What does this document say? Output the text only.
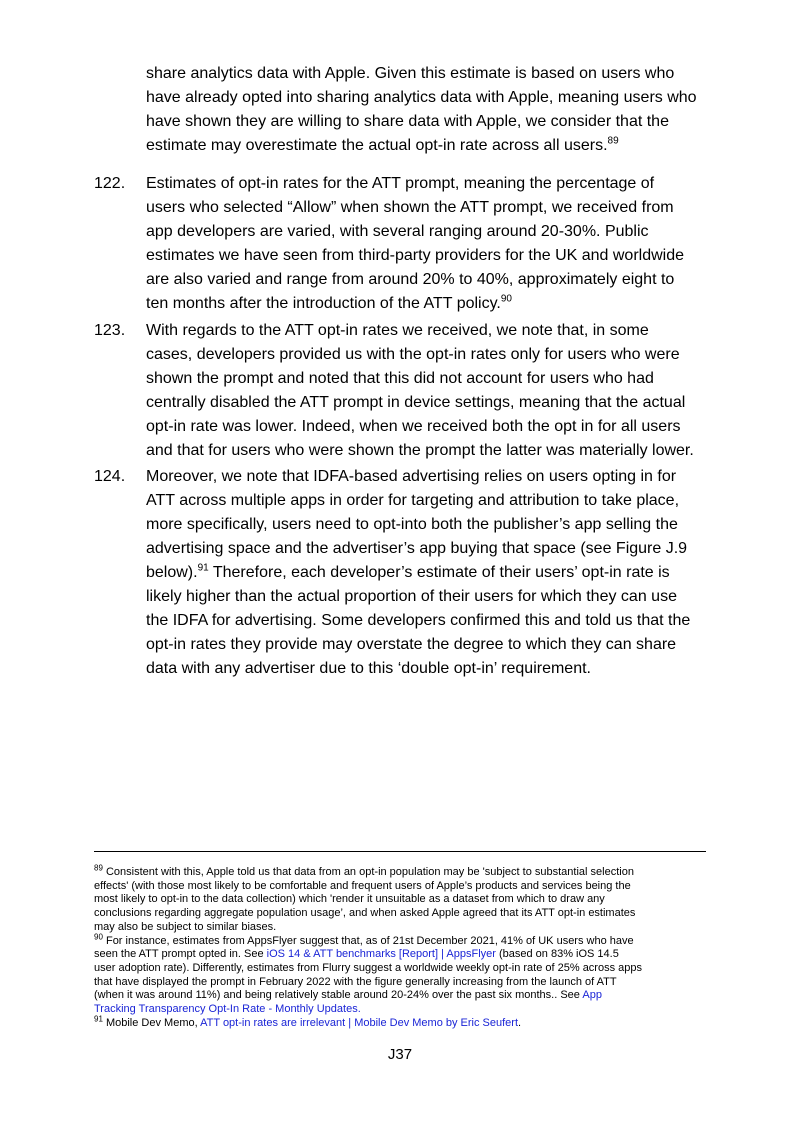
share analytics data with Apple. Given this estimate is based on users who
have already opted into sharing analytics data with Apple, meaning users who
have shown they are willing to share data with Apple, we consider that the
estimate may overestimate the actual opt-in rate across all users.$^{89}$
122. Estimates of opt-in rates for the ATT prompt, meaning the percentage of
users who selected “Allow” when shown the ATT prompt, we received from
app developers are varied, with several ranging around 20-30%. Public
estimates we have seen from third-party providers for the UK and worldwide
are also varied and range from around 20% to 40%, approximately eight to
ten months after the introduction of the ATT policy.$^{90}$
123. With regards to the ATT opt-in rates we received, we note that, in some
cases, developers provided us with the opt-in rates only for users who were
shown the prompt and noted that this did not account for users who had
centrally disabled the ATT prompt in device settings, meaning that the actual
opt-in rate was lower. Indeed, when we received both the opt in for all users
and that for users who were shown the prompt the latter was materially lower.
124. Moreover, we note that IDFA-based advertising relies on users opting in for
ATT across multiple apps in order for targeting and attribution to take place,
more specifically, users need to opt-into both the publisher’s app selling the
advertising space and the advertiser’s app buying that space (see Figure J.9
below).$^{91}$ Therefore, each developer’s estimate of their users’ opt-in rate is
likely higher than the actual proportion of their users for which they can use
the IDFA for advertising. Some developers confirmed this and told us that the
opt-in rates they provide may overstate the degree to which they can share
data with any advertiser due to this ‘double opt-in’ requirement.
$^{89}$ Consistent with this, Apple told us that data from an opt-in population may be 'subject to substantial selection
effects' (with those most likely to be comfortable and frequent users of Apple’s products and services being the
most likely to opt-in to the data collection) which 'render it unsuitable as a dataset from which to draw any
conclusions regarding aggregate population usage’, and when asked Apple agreed that its ATT opt-in estimates
may also be subject to similar biases.
$^{90}$ For instance, estimates from AppsFlyer suggest that, as of 21st December 2021, 41% of UK users who have
seen the ATT prompt opted in. See iOS 14 & ATT benchmarks [Report] | AppsFlyer (based on 83% iOS 14.5
user adoption rate). Differently, estimates from Flurry suggest a worldwide weekly opt-in rate of 25% across apps
that have displayed the prompt in February 2022 with the figure generally increasing from the launch of ATT
(when it was around 11%) and being relatively stable around 20-24% over the past six months.. See App
Tracking Transparency Opt-In Rate - Monthly Updates.
$^{91}$ Mobile Dev Memo, ATT opt-in rates are irrelevant | Mobile Dev Memo by Eric Seufert.
J37
